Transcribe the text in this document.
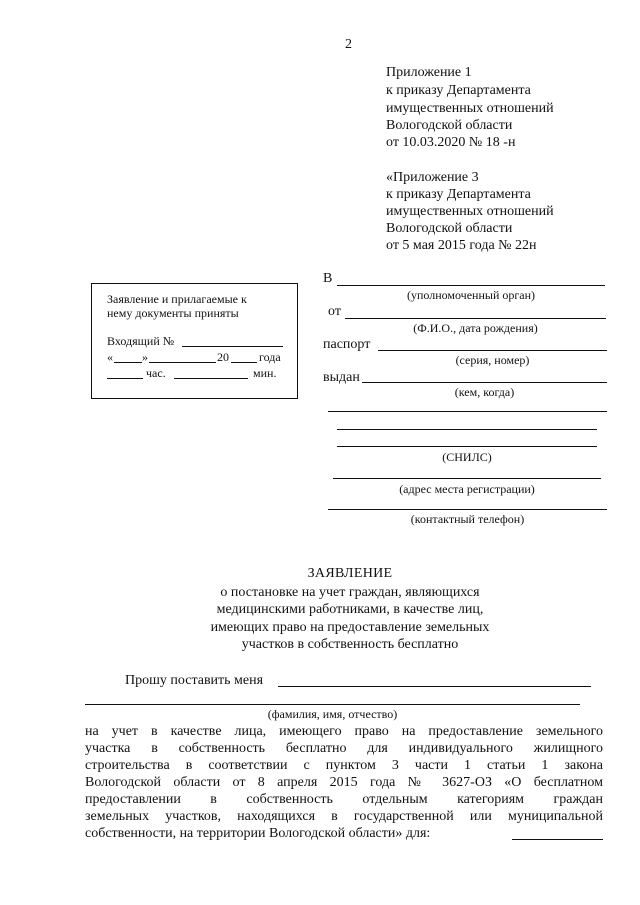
2
Приложение 1
к приказу Департамента
имущественных отношений
Вологодской области
от 10.03.2020 № 18 -н
«Приложение 3
к приказу Департамента
имущественных отношений
Вологодской области
от 5 мая 2015 года № 22н
Заявление и прилагаемые к
нему документы приняты
Входящий №
« »	20	года
час.	мин.
В
(уполномоченный орган)
от
(Ф.И.О., дата рождения)
паспорт
(серия, номер)
выдан
(кем, когда)
(СНИЛС)
(адрес места регистрации)
(контактный телефон)
ЗАЯВЛЕНИЕ
о постановке на учет граждан, являющихся
медицинскими работниками, в качестве лиц,
имеющих право на предоставление земельных
участков в собственность бесплатно
Прошу поставить меня
(фамилия, имя, отчество)
на учет в качестве лица, имеющего право на предоставление земельного
участка в собственность бесплатно для индивидуального жилищного
строительства в соответствии с пунктом 3 части 1 статьи 1 закона
Вологодской области от 8 апреля 2015 года № 3627-ОЗ «О бесплатном
предоставлении в собственность отдельным категориям граждан
земельных участков, находящихся в государственной или муниципальной
собственности, на территории Вологодской области» для:
